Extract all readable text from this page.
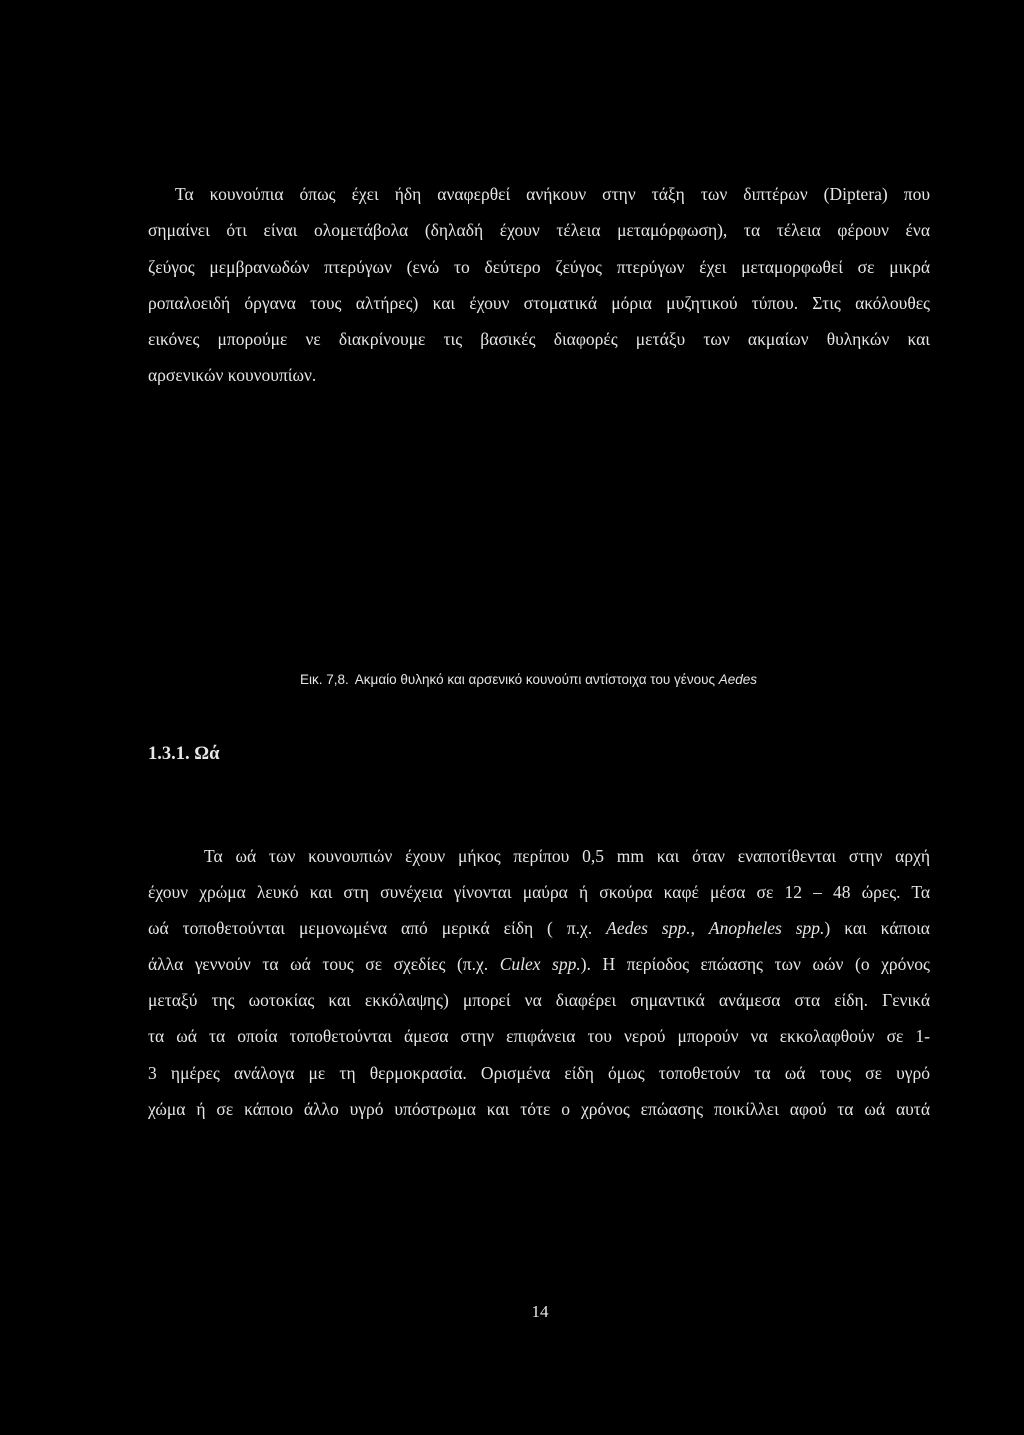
Τα κουνούπια όπως έχει ήδη αναφερθεί ανήκουν στην τάξη των διπτέρων (Diptera) που
σημαίνει ότι είναι ολομετάβολα (δηλαδή έχουν τέλεια μεταμόρφωση), τα τέλεια φέρουν ένα
ζεύγος μεμβρανωδών πτερύγων (ενώ το δεύτερο ζεύγος πτερύγων έχει μεταμορφωθεί σε μικρά
ροπαλοειδή όργανα τους αλτήρες) και έχουν στοματικά μόρια μυζητικού τύπου. Στις ακόλουθες
εικόνες μπορούμε νε διακρίνουμε τις βασικές διαφορές μετάξυ των ακμαίων θυληκών και
αρσενικών κουνουπίων.
Εικ. 7,8. Ακμαίο θυληκό και αρσενικό κουνούπι αντίστοιχα του γένους Aedes
1.3.1. Ωά
Τα ωά των κουνουπιών έχουν μήκος περίπου 0,5 mm και όταν εναποτίθενται στην αρχή
έχουν χρώμα λευκό και στη συνέχεια γίνονται μαύρα ή σκούρα καφέ μέσα σε 12 – 48 ώρες. Τα
ωά τοποθετούνται μεμονωμένα από μερικά είδη ( π.χ. Aedes spp., Anopheles spp.) και κάποια
άλλα γεννούν τα ωά τους σε σχεδίες (π.χ. Culex spp.). Η περίοδος επώασης των ωών (ο χρόνος
μεταξύ της ωοτοκίας και εκκόλαψης) μπορεί να διαφέρει σημαντικά ανάμεσα στα είδη. Γενικά
τα ωά τα οποία τοποθετούνται άμεσα στην επιφάνεια του νερού μπορούν να εκκολαφθούν σε 1-
3 ημέρες ανάλογα με τη θερμοκρασία. Ορισμένα είδη όμως τοποθετούν τα ωά τους σε υγρό
χώμα ή σε κάποιο άλλο υγρό υπόστρωμα και τότε ο χρόνος επώασης ποικίλλει αφού τα ωά αυτά
14
